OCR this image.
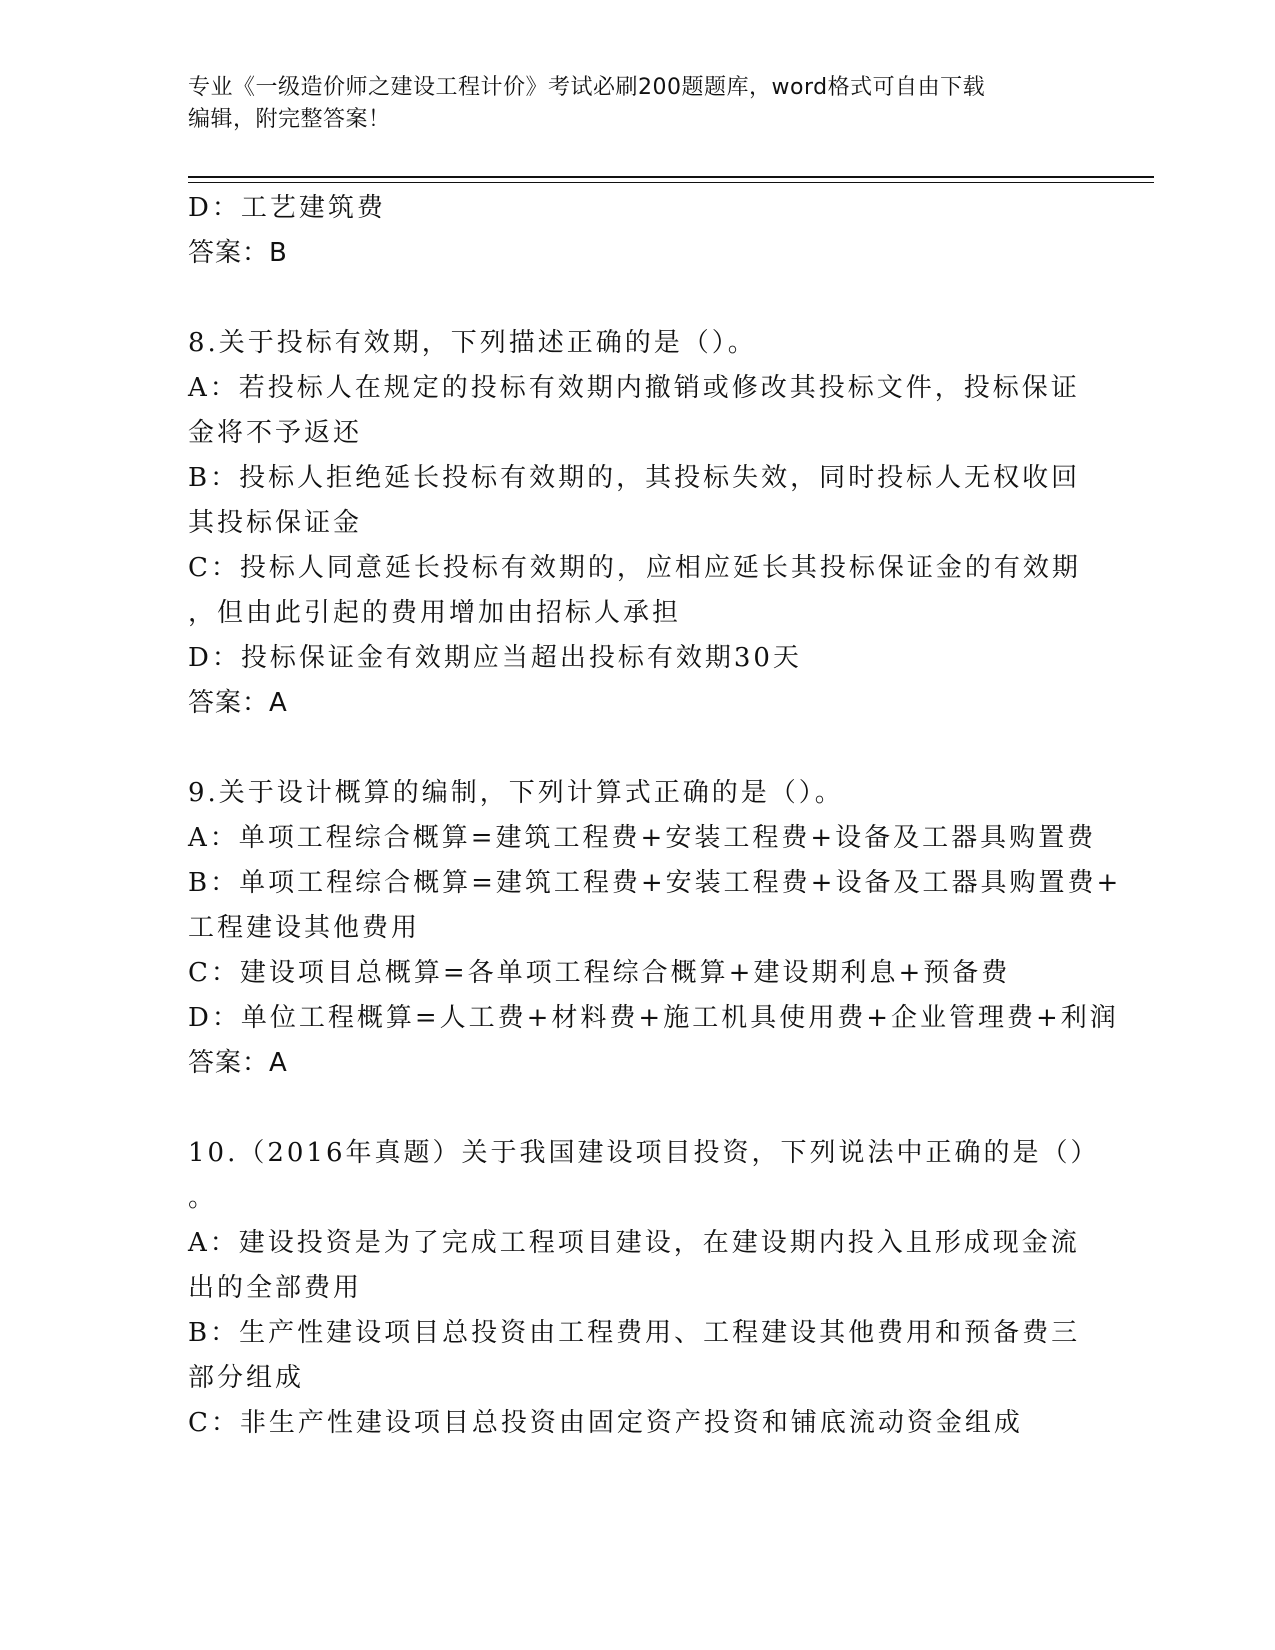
专业《一级造价师之建设工程计价》考试必刷200题题库，word格式可自由下载
编辑，附完整答案！
D：工艺建筑费
答案：B
8.关于投标有效期，下列描述正确的是（）。
A：若投标人在规定的投标有效期内撤销或修改其投标文件，投标保证
金将不予返还
B：投标人拒绝延长投标有效期的，其投标失效，同时投标人无权收回
其投标保证金
C：投标人同意延长投标有效期的，应相应延长其投标保证金的有效期
，但由此引起的费用增加由招标人承担
D：投标保证金有效期应当超出投标有效期30天
答案：A
9.关于设计概算的编制，下列计算式正确的是（）。
A：单项工程综合概算=建筑工程费+安装工程费+设备及工器具购置费
B：单项工程综合概算=建筑工程费+安装工程费+设备及工器具购置费+
工程建设其他费用
C：建设项目总概算=各单项工程综合概算+建设期利息+预备费
D：单位工程概算=人工费+材料费+施工机具使用费+企业管理费+利润
答案：A
10.（2016年真题）关于我国建设项目投资，下列说法中正确的是（）
。
A：建设投资是为了完成工程项目建设，在建设期内投入且形成现金流
出的全部费用
B：生产性建设项目总投资由工程费用、工程建设其他费用和预备费三
部分组成
C：非生产性建设项目总投资由固定资产投资和铺底流动资金组成
